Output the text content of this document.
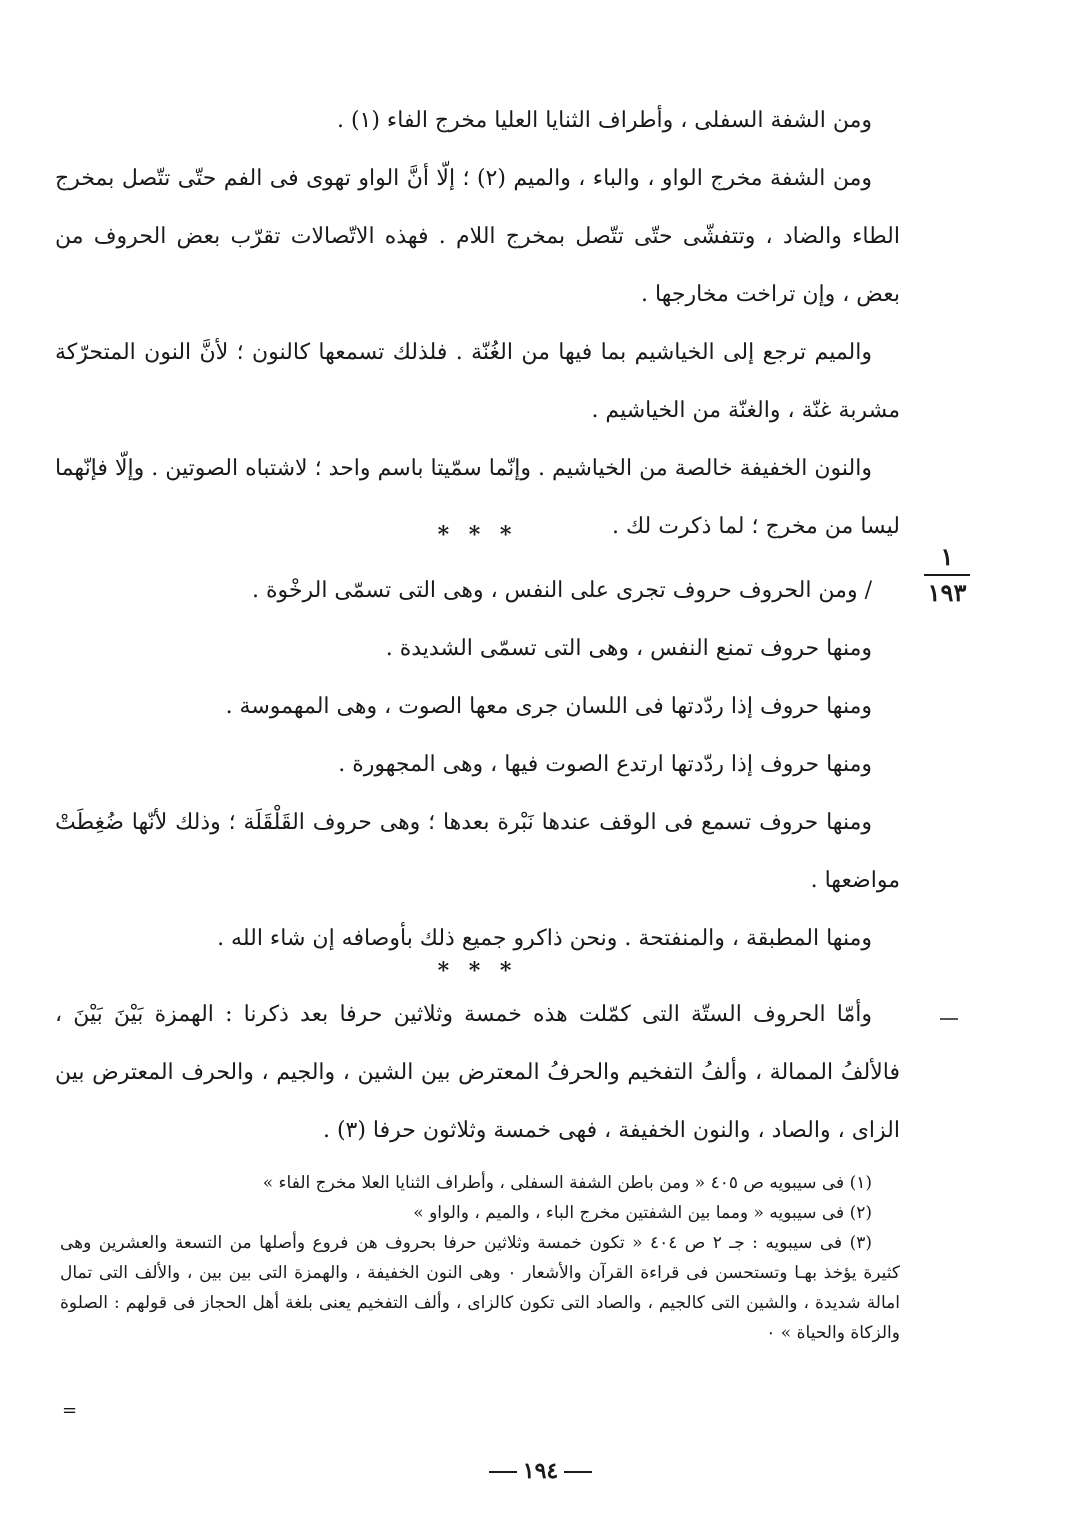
ومن الشفة السفلى ، وأطراف الثنايا العليا مخرج الفاء (١) .

ومن الشفة مخرج الواو ، والباء ، والميم (٢) ؛ إلّا أنَّ الواو تهوى فى الفم حتّى تتّصل بمخرج الطاء والضاد ، وتتفشّى حتّى تتّصل بمخرج اللام . فهذه الاتّصالات تقرّب بعض الحروف من بعض ، وإن تراخت مخارجها .

والميم ترجع إلى الخياشيم بما فيها من الغُنّة . فلذلك تسمعها كالنون ؛ لأنَّ النون المتحرّكة مشربة غنّة ، والغنّة من الخياشيم .

والنون الخفيفة خالصة من الخياشيم . وإنّما سمّيتا باسم واحد ؛ لاشتباه الصوتين . وإلّا فإنّهما ليسا من مخرج ؛ لما ذكرت لك .

* * *
١
١٩٣

/ ومن الحروف حروف تجرى على النفس ، وهى التى تسمّى الرخْوة .

ومنها حروف تمنع النفس ، وهى التى تسمّى الشديدة .

ومنها حروف إذا ردّدتها فى اللسان جرى معها الصوت ، وهى المهموسة .

ومنها حروف إذا ردّدتها ارتدع الصوت فيها ، وهى المجهورة .

ومنها حروف تسمع فى الوقف عندها نَبْرة بعدها ؛ وهى حروف القَلْقَلَة ؛ وذلك لأنّها ضُغِطَتْ مواضعها .

ومنها المطبقة ، والمنفتحة . ونحن ذاكرو جميع ذلك بأوصافه إن شاء الله .

* * *

وأمّا الحروف الستّة التى كمّلت هذه خمسة وثلاثين حرفا بعد ذكرنا : الهمزة بَيْنَ بَيْنَ ، فالألفُ الممالة ، وألفُ التفخيم والحرفُ المعترض بين الشين ، والجيم ، والحرف المعترض بين الزاى ، والصاد ، والنون الخفيفة ، فهى خمسة وثلاثون حرفا (٣) .

(١) فى سيبويه ص ٤٠٥ « ومن باطن الشفة السفلى ، وأطراف الثنايا العلا مخرج الفاء »

(٢) فى سيبويه « ومما بين الشفتين مخرج الباء ، والميم ، والواو »

(٣) فى سيبويه : جـ ٢ ص ٤٠٤ « تكون خمسة وثلاثين حرفا بحروف هن فروع وأصلها من التسعة والعشرين وهى كثيرة يؤخذ بهـا وتستحسن فى قراءة القرآن والأشعار ٠ وهى النون الخفيفة ، والهمزة التى بين بين ، والألف التى تمال امالة شديدة ، والشين التى كالجيم ، والصاد التى تكون كالزاى ، وألف التفخيم يعنى بلغة أهل الحجاز فى قولهم : الصلوة والزكاة والحياة » ٠

=
١٩٤
